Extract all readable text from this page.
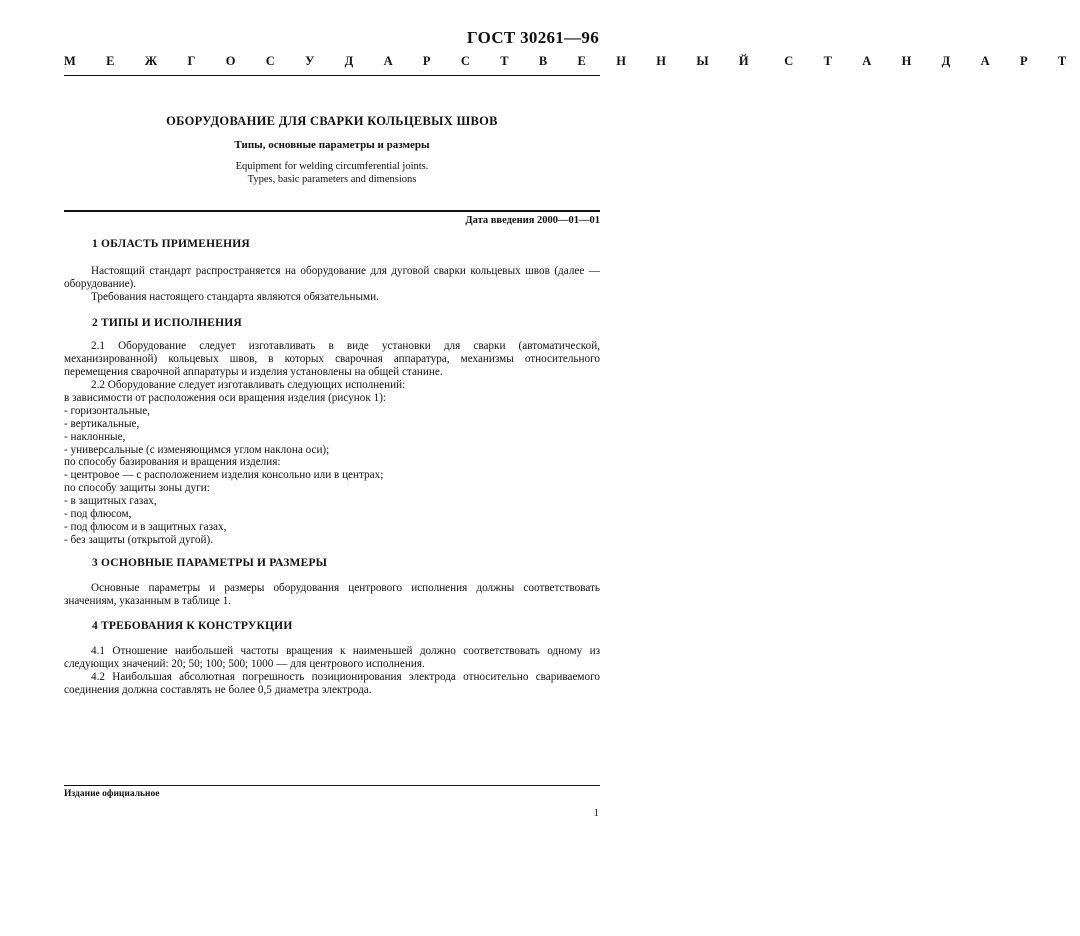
ГОСТ 30261—96
М Е Ж Г О С У Д А Р С Т В Е Н Н Ы Й С Т А Н Д А Р Т
ОБОРУДОВАНИЕ ДЛЯ СВАРКИ КОЛЬЦЕВЫХ ШВОВ
Типы, основные параметры и размеры
Equipment for welding circumferential joints.
Types, basic parameters and dimensions
Дата введения 2000—01—01
1 ОБЛАСТЬ ПРИМЕНЕНИЯ
Настоящий стандарт распространяется на оборудование для дуговой сварки кольцевых швов (далее — оборудование).
Требования настоящего стандарта являются обязательными.
2 ТИПЫ И ИСПОЛНЕНИЯ
2.1 Оборудование следует изготавливать в виде установки для сварки (автоматической, механизированной) кольцевых швов, в которых сварочная аппаратура, механизмы относительного перемещения сварочной аппаратуры и изделия установлены на общей станине.
2.2 Оборудование следует изготавливать следующих исполнений:
в зависимости от расположения оси вращения изделия (рисунок 1):
- горизонтальные,
- вертикальные,
- наклонные,
- универсальные (с изменяющимся углом наклона оси);
по способу базирования и вращения изделия:
- центровое — с расположением изделия консольно или в центрах;
по способу защиты зоны дуги:
- в защитных газах,
- под флюсом,
- под флюсом и в защитных газах,
- без защиты (открытой дугой).
3 ОСНОВНЫЕ ПАРАМЕТРЫ И РАЗМЕРЫ
Основные параметры и размеры оборудования центрового исполнения должны соответствовать значениям, указанным в таблице 1.
4 ТРЕБОВАНИЯ К КОНСТРУКЦИИ
4.1 Отношение наибольшей частоты вращения к наименьшей должно соответствовать одному из следующих значений: 20; 50; 100; 500; 1000 — для центрового исполнения.
4.2 Наибольшая абсолютная погрешность позиционирования электрода относительно свариваемого соединения должна составлять не более 0,5 диаметра электрода.
Издание официальное
1
